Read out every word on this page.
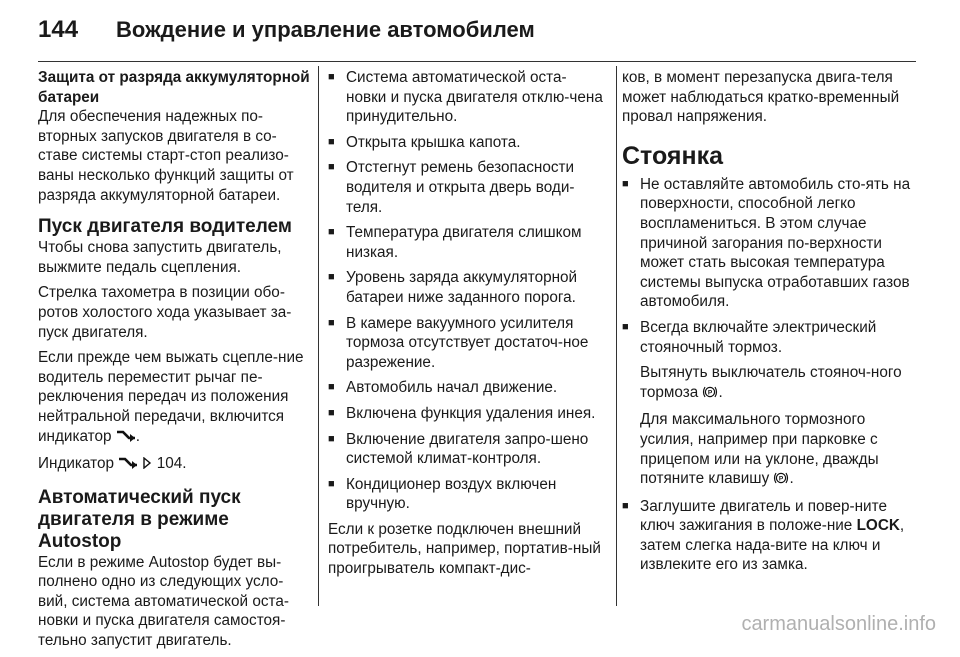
144 Вождение и управление автомобилем
Защита от разряда аккумуляторной батареи

Для обеспечения надежных по-вторных запусков двигателя в со-ставе системы старт-стоп реализо-ваны несколько функций защиты от разряда аккумуляторной батареи.

Пуск двигателя водителем

Чтобы снова запустить двигатель, выжмите педаль сцепления.

Стрелка тахометра в позиции обо-ротов холостого хода указывает за-пуск двигателя.

Если прежде чем выжать сцепле-ние водитель переместит рычаг пе-реключения передач из положения нейтральной передачи, включится индикатор .

Индикатор	104.

Автоматический пуск двигателя в режиме Autostop

Если в режиме Autostop будет вы-полнено одно из следующих усло-вий, система автоматической оста-новки и пуска двигателя самостоя-тельно запустит двигатель.

■ Система автоматической оста-новки и пуска двигателя отклю-чена принудительно.
■ Открыта крышка капота.
■ Отстегнут ремень безопасности водителя и открыта дверь води-теля.
■ Температура двигателя слишком низкая.
■ Уровень заряда аккумуляторной батареи ниже заданного порога.
■ В камере вакуумного усилителя тормоза отсутствует достаточ-ное разрежение.
■ Автомобиль начал движение.
■ Включена функция удаления инея.
■ Включение двигателя запро-шено системой климат-контроля.
■ Кондиционер воздух включен вручную.

Если к розетке подключен внешний потребитель, например, портатив-ный проигрыватель компакт-дис-

ков, в момент перезапуска двига-теля может наблюдаться кратко-временный провал напряжения.

Стоянка
■ Не оставляйте автомобиль сто-ять на поверхности, способной легко воспламениться. В этом случае причиной загорания по-верхности может стать высокая температура системы выпуска отработавших газов автомобиля.
■ Всегда включайте электрический стояночный тормоз.

Вытянуть выключатель стояноч-ного тормоза P .

Для максимального тормозного усилия, например при парковке с прицепом или на уклоне, дважды потяните клавишу P .

■ Заглушите двигатель и повер-ните ключ зажигания в положе-ние LOCK, затем слегка нада-вите на ключ и извлеките его из замка.
carmanualsonline.info
